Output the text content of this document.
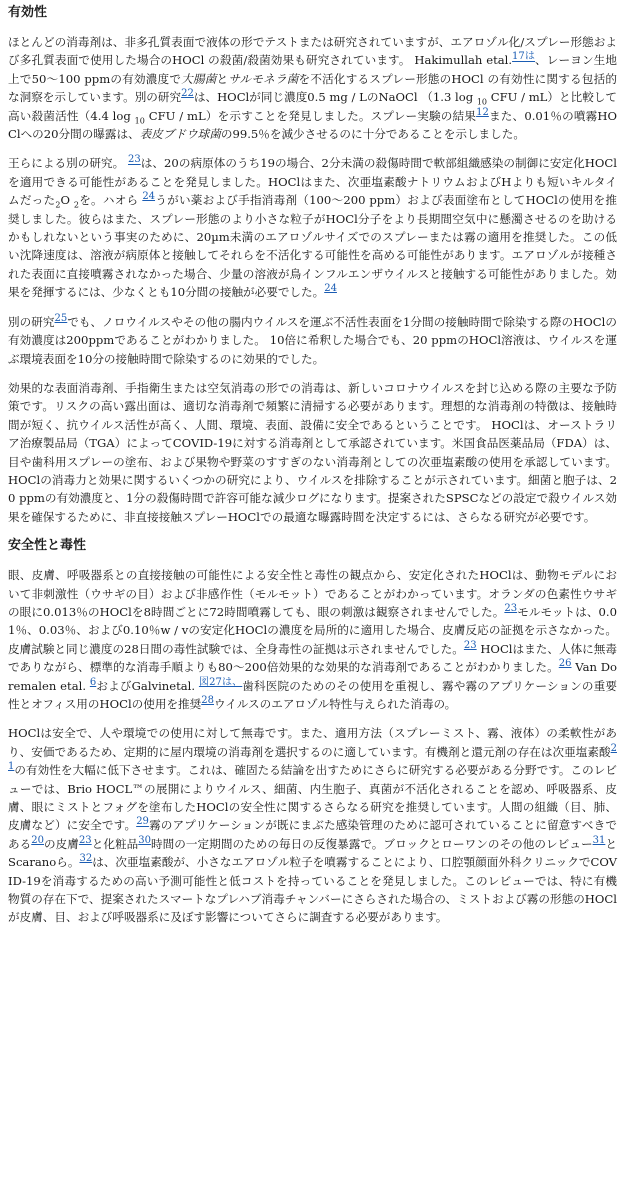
有効性

ほとんどの消毒剤は、非多孔質表面で液体の形でテストまたは研究されていますが、エアロゾル化/スプレー形態および多孔質表面で使用した場合のHOCl の殺菌/殺菌効果も研究されています。 Hakimullah etal.$^{17は}$、レーヨン生地上で50～100 ppmの有効濃度で大腸菌とサルモネラ菌を不活化するスプレー形態のHOCl の有効性に関する包括的な洞察を示しています。別の研究$^{22}$は、HOClが同じ濃度0.5 mg / LのNaOCl （1.3 log $_{10}$ CFU / mL）と比較して高い殺菌活性（4.4 log $_{10}$ CFU / mL）を示すことを発見しました。スプレー実験の結果$^{12}$また、0.01％の噴霧HOClへの20分間の曝露は、表皮ブドウ球菌の99.5％を減少させるのに十分であることを示しました。

王らによる別の研究。 $^{23}$は、20の病原体のうち19の場合、2分未満の殺傷時間で軟部組織感染の制御に安定化HOClを適用できる可能性があることを発見しました。HOClはまた、次亜塩素酸ナトリウムおよびHよりも短いキルタイムだった$_2$O $_2$を。ハオら $^{24}$うがい薬および手指消毒剤（100～200 ppm）および表面塗布としてHOClの使用を推奨しました。彼らはまた、スプレー形態のより小さな粒子がHOCl分子をより長期間空気中に懸濁させるのを助けるかもしれないという事実のために、20µm未満のエアロゾルサイズでのスプレーまたは霧の適用を推奨した。この低い沈降速度は、溶液が病原体と接触してそれらを不活化する可能性を高める可能性があります。エアロゾルが接種された表面に直接噴霧されなかった場合、少量の溶液が鳥インフルエンザウイルスと接触する可能性がありました。効果を発揮するには、少なくとも10分間の接触が必要でした。$^{24}$

別の研究$^{25}$でも、ノロウイルスやその他の腸内ウイルスを運ぶ不活性表面を1分間の接触時間で除染する際のHOClの有効濃度は200ppmであることがわかりました。 10倍に希釈した場合でも、20 ppmのHOCl溶液は、ウイルスを運ぶ環境表面を10分の接触時間で除染するのに効果的でした。

効果的な表面消毒剤、手指衛生または空気消毒の形での消毒は、新しいコロナウイルスを封じ込める際の主要な予防策です。リスクの高い露出面は、適切な消毒剤で頻繁に清掃する必要があります。理想的な消毒剤の特徴は、接触時間が短く、抗ウイルス活性が高く、人間、環境、表面、設備に安全であるということです。 HOClは、オーストラリア治療製品局（TGA）によってCOVID-19に対する消毒剤として承認されています。米国食品医薬品局（FDA）は、目や歯科用スプレーの塗布、および果物や野菜のすすぎのない消毒剤としての次亜塩素酸の使用を承認しています。 HOClの消毒力と効果に関するいくつかの研究により、ウイルスを排除することが示されています。細菌と胞子は、20 ppmの有効濃度と、1分の殺傷時間で許容可能な減少ログになります。提案されたSPSCなどの設定で殺ウイルス効果を確保するために、非直接接触スプレーHOClでの最適な曝露時間を決定するには、さらなる研究が必要です。

安全性と毒性

眼、皮膚、呼吸器系との直接接触の可能性による安全性と毒性の観点から、安定化されたHOClは、動物モデルにおいて非刺激性（ウサギの目）および非感作性（モルモット）であることがわかっています。オランダの色素性ウサギの眼に0.013％のHOClを8時間ごとに72時間噴霧しても、眼の刺激は観察されませんでした。$^{23}$モルモットは、0.01％、0.03％、および0.10％w / vの安定化HOClの濃度を局所的に適用した場合、皮膚反応の証拠を示さなかった。皮膚試験と同じ濃度の28日間の毒性試験では、全身毒性の証拠は示されませんでした。$^{23}$ HOClはまた、人体に無毒でありながら、標準的な消毒手順よりも80～200倍効果的な効果的な消毒剤であることがわかりました。$^{26}$ Van Doremalen etal. $^6$およびGalvinetal. $^{図27は、}$歯科医院のためのその使用を重視し、霧や霧のアプリケーションの重要性とオフィス用のHOClの使用を推奨$^{28}$ウイルスのエアロゾル特性与えられた消毒の。

HOClは安全で、人や環境での使用に対して無毒です。また、適用方法（スプレーミスト、霧、液体）の柔軟性があり、安価であるため、定期的に屋内環境の消毒剤を選択するのに適しています。有機剤と還元剤の存在は次亜塩素酸$^{21}$の有効性を大幅に低下させます。これは、確固たる結論を出すためにさらに研究する必要がある分野です。このレビューでは、Brio HOCL™の展開によりウイルス、細菌、内生胞子、真菌が不活化されることを認め、呼吸器系、皮膚、眼にミストとフォグを塗布したHOClの安全性に関するさらなる研究を推奨しています。人間の組織（目、肺、皮膚など）に安全です。$^{29}$霧のアプリケーションが既にまぶた感染管理のために認可されていることに留意すべきである$^{20}$の皮膚$^{23}$と化粧品$^{30}$時間の一定期間のための毎日の反復暴露で。ブロックとローワンのその他のレビュー$^{31}$とScaranoら。$^{32}$は、次亜塩素酸が、小さなエアロゾル粒子を噴霧することにより、口腔顎顔面外科クリニックでCOVID-19を消毒するための高い予測可能性と低コストを持っていることを発見しました。このレビューでは、特に有機物質の存在下で、提案されたスマートなプレハブ消毒チャンバーにさらされた場合の、ミストおよび霧の形態のHOClが皮膚、目、および呼吸器系に及ぼす影響についてさらに調査する必要があります。
